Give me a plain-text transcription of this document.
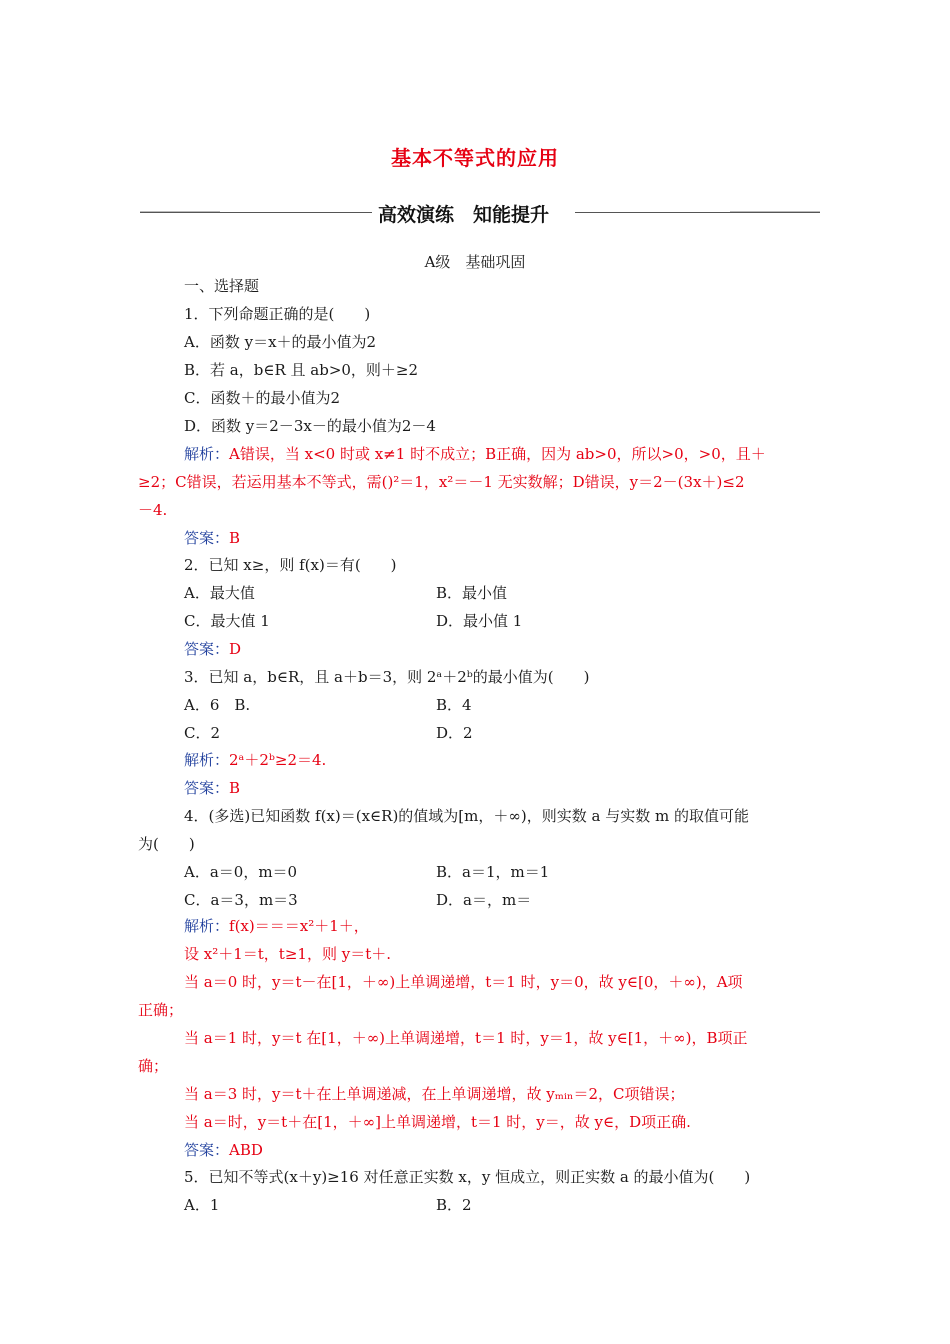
基本不等式的应用
高效演练　知能提升
A级　基础巩固
一、选择题
1．下列命题正确的是(　　)
A．函数 y＝x＋的最小值为2
B．若 a，b∈R 且 ab>0，则＋≥2
C．函数＋的最小值为2
D．函数 y＝2－3x－的最小值为2－4
解析：A错误，当 x<0 时或 x≠1 时不成立；B正确，因为 ab>0，所以>0，>0，且＋
≥2；C错误，若运用基本不等式，需()²＝1，x²＝－1 无实数解；D错误，y＝2－(3x＋)≤2
－4.
答案：B
2．已知 x≥，则 f(x)＝有(　　)
A．最大值	B．最小值
C．最大值 1	D．最小值 1
答案：D
3．已知 a，b∈R，且 a＋b＝3，则 2ᵃ＋2ᵇ的最小值为(　　)
A．6　B.	B．4
C．2	D．2
解析：2ᵃ＋2ᵇ≥2＝4.
答案：B
4．(多选)已知函数 f(x)＝(x∈R)的值域为[m，＋∞)，则实数 a 与实数 m 的取值可能
为(　　)
A．a＝0，m＝0	B．a＝1，m＝1
C．a＝3，m＝3	D．a＝，m＝
解析：f(x)＝＝＝x²＋1＋，
设 x²＋1＝t，t≥1，则 y＝t＋.
当 a＝0 时，y＝t－在[1，＋∞)上单调递增，t＝1 时，y＝0，故 y∈[0，＋∞)，A项
正确；
当 a＝1 时，y＝t 在[1，＋∞)上单调递增，t＝1 时，y＝1，故 y∈[1，＋∞)，B项正
确；
当 a＝3 时，y＝t＋在上单调递减，在上单调递增，故 yₘᵢₙ＝2，C项错误；
当 a＝时，y＝t＋在[1，＋∞]上单调递增，t＝1 时，y＝，故 y∈，D项正确.
答案：ABD
5．已知不等式(x＋y)≥16 对任意正实数 x，y 恒成立，则正实数 a 的最小值为(　　)
A．1	B．2
